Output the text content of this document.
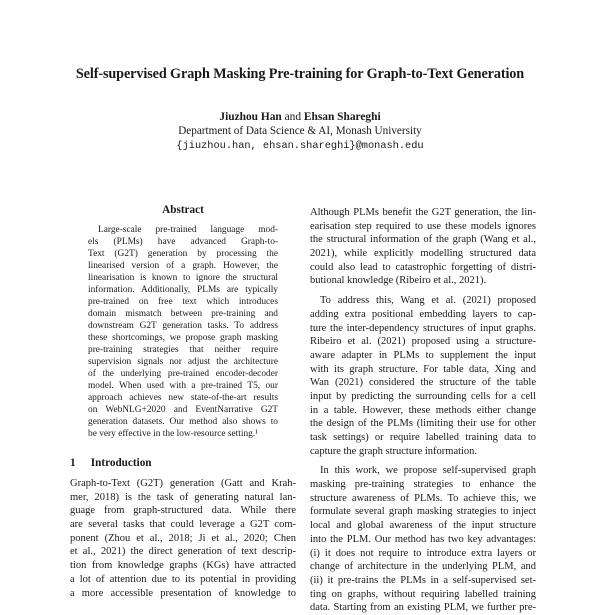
Self-supervised Graph Masking Pre-training for Graph-to-Text Generation
Jiuzhou Han and Ehsan Shareghi
Department of Data Science & AI, Monash University
{jiuzhou.han, ehsan.shareghi}@monash.edu
Abstract
Large-scale pre-trained language mod-
els (PLMs) have advanced Graph-to-
Text (G2T) generation by processing the
linearised version of a graph. However, the
linearisation is known to ignore the structural
information. Additionally, PLMs are typically
pre-trained on free text which introduces
domain mismatch between pre-training and
downstream G2T generation tasks. To address
these shortcomings, we propose graph masking
pre-training strategies that neither require
supervision signals nor adjust the architecture
of the underlying pre-trained encoder-decoder
model. When used with a pre-trained T5, our
approach achieves new state-of-the-art results
on WebNLG+2020 and EventNarrative G2T
generation datasets. Our method also shows to
be very effective in the low-resource setting.¹
1 Introduction
Graph-to-Text (G2T) generation (Gatt and Krah-
mer, 2018) is the task of generating natural lan-
guage from graph-structured data. While there
are several tasks that could leverage a G2T com-
ponent (Zhou et al., 2018; Ji et al., 2020; Chen
et al., 2021) the direct generation of text descrip-
tion from knowledge graphs (KGs) have attracted
a lot of attention due to its potential in providing
a more accessible presentation of knowledge to
Although PLMs benefit the G2T generation, the lin-
earisation step required to use these models ignores
the structural information of the graph (Wang et al.,
2021), while explicitly modelling structured data
could also lead to catastrophic forgetting of distri-
butional knowledge (Ribeiro et al., 2021).
To address this, Wang et al. (2021) proposed
adding extra positional embedding layers to cap-
ture the inter-dependency structures of input graphs.
Ribeiro et al. (2021) proposed using a structure-
aware adapter in PLMs to supplement the input
with its graph structure. For table data, Xing and
Wan (2021) considered the structure of the table
input by predicting the surrounding cells for a cell
in a table. However, these methods either change
the design of the PLMs (limiting their use for other
task settings) or require labelled training data to
capture the graph structure information.
In this work, we propose self-supervised graph
masking pre-training strategies to enhance the
structure awareness of PLMs. To achieve this, we
formulate several graph masking strategies to inject
local and global awareness of the input structure
into the PLM. Our method has two key advantages:
(i) it does not require to introduce extra layers or
change of architecture in the underlying PLM, and
(ii) it pre-trains the PLMs in a self-supervised set-
ting on graphs, without requiring labelled training
data. Starting from an existing PLM, we further pre-
